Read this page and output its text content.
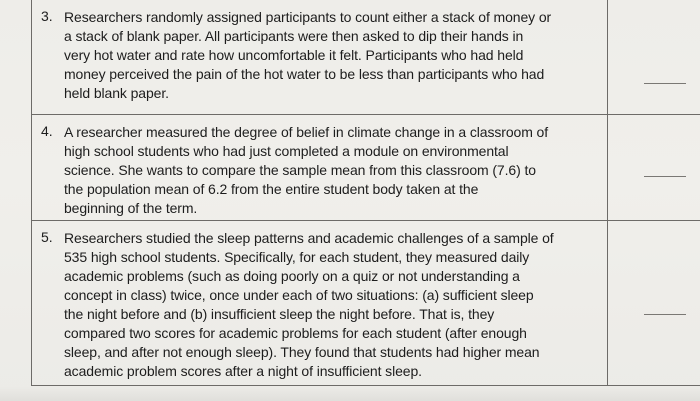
3. Researchers randomly assigned participants to count either a stack of money or
a stack of blank paper. All participants were then asked to dip their hands in
very hot water and rate how uncomfortable it felt. Participants who had held
money perceived the pain of the hot water to be less than participants who had
held blank paper.
4. A researcher measured the degree of belief in climate change in a classroom of
high school students who had just completed a module on environmental
science. She wants to compare the sample mean from this classroom (7.6) to
the population mean of 6.2 from the entire student body taken at the
beginning of the term.
5. Researchers studied the sleep patterns and academic challenges of a sample of
535 high school students. Specifically, for each student, they measured daily
academic problems (such as doing poorly on a quiz or not understanding a
concept in class) twice, once under each of two situations: (a) sufficient sleep
the night before and (b) insufficient sleep the night before. That is, they
compared two scores for academic problems for each student (after enough
sleep, and after not enough sleep). They found that students had higher mean
academic problem scores after a night of insufficient sleep.
